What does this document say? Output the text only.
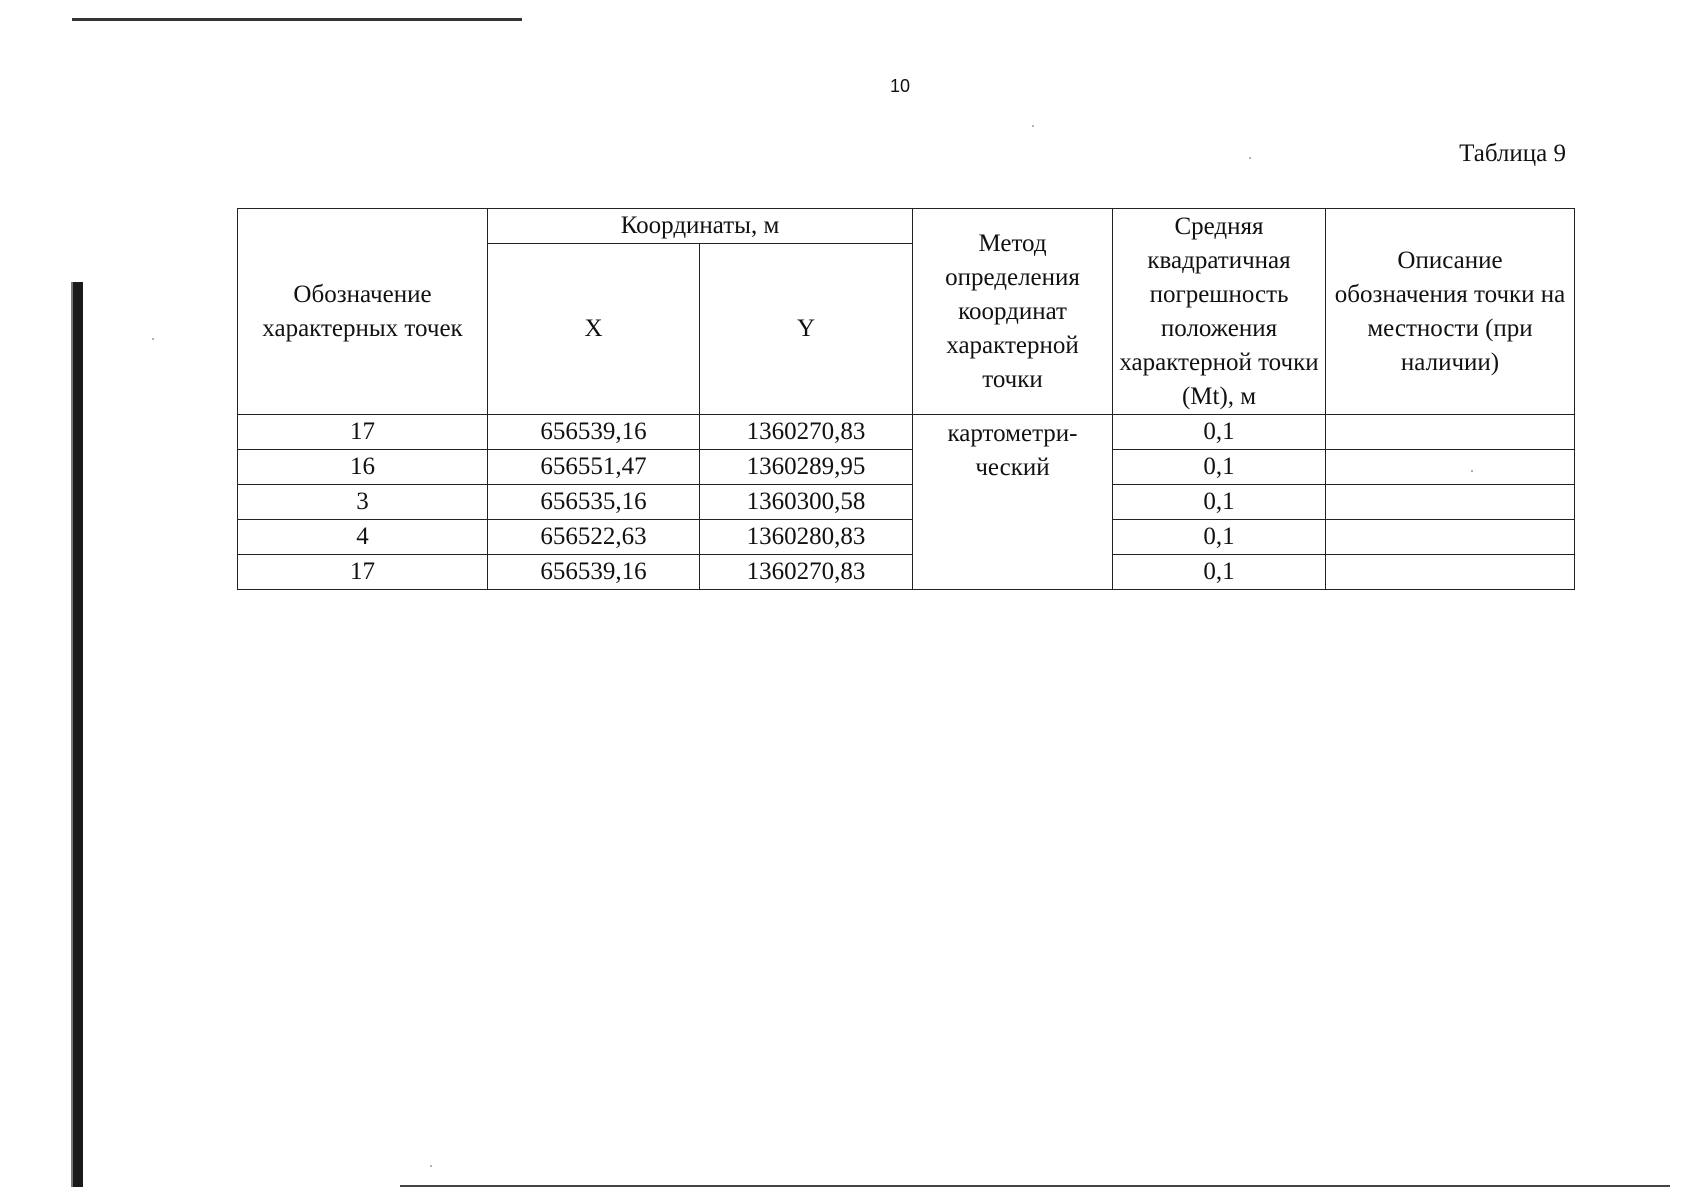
10
Таблица 9
Обозначение характерных точек	Координаты, м		Метод определения координат характерной точки	Средняя квадратичная погрешность положения характерной точки (Mt), м	Описание обозначения точки на местности (при наличии)
	X	Y			
17	656539,16	1360270,83	картометри-ческий	0,1	
16	656551,47	1360289,95		0,1	
3	656535,16	1360300,58		0,1	
4	656522,63	1360280,83		0,1	
17	656539,16	1360270,83		0,1	
